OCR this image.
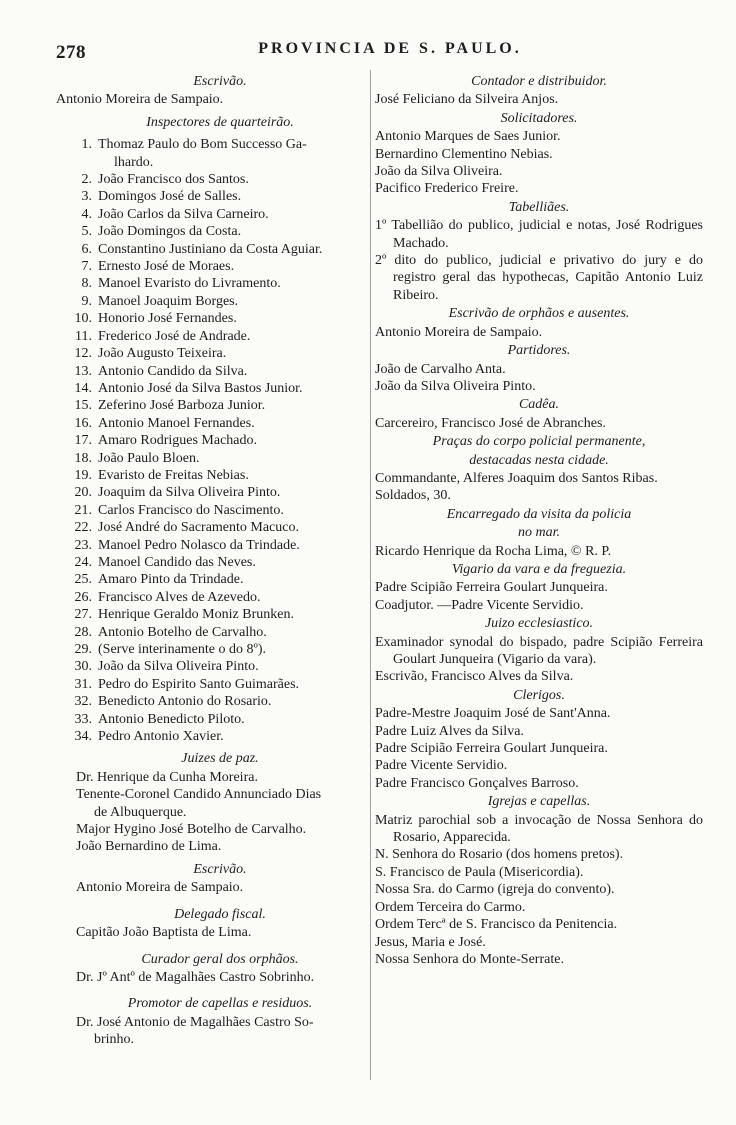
278	PROVINCIA DE S. PAULO.
Escrivão.
Antonio Moreira de Sampaio.
Inspectores de quarteirão.
1. Thomaz Paulo do Bom Successo Ga-
lhardo.
2. João Francisco dos Santos.
3. Domingos José de Salles.
4. João Carlos da Silva Carneiro.
5. João Domingos da Costa.
6. Constantino Justiniano da Costa Aguiar.
7. Ernesto José de Moraes.
8. Manoel Evaristo do Livramento.
9. Manoel Joaquim Borges.
10. Honorio José Fernandes.
11. Frederico José de Andrade.
12. João Augusto Teixeira.
13. Antonio Candido da Silva.
14. Antonio José da Silva Bastos Junior.
15. Zeferino José Barboza Junior.
16. Antonio Manoel Fernandes.
17. Amaro Rodrigues Machado.
18. João Paulo Bloen.
19. Evaristo de Freitas Nebias.
20. Joaquim da Silva Oliveira Pinto.
21. Carlos Francisco do Nascimento.
22. José André do Sacramento Macuco.
23. Manoel Pedro Nolasco da Trindade.
24. Manoel Candido das Neves.
25. Amaro Pinto da Trindade.
26. Francisco Alves de Azevedo.
27. Henrique Geraldo Moniz Brunken.
28. Antonio Botelho de Carvalho.
29. (Serve interinamente o do 8º).
30. João da Silva Oliveira Pinto.
31. Pedro do Espirito Santo Guimarães.
32. Benedicto Antonio do Rosario.
33. Antonio Benedicto Piloto.
34. Pedro Antonio Xavier.
Juizes de paz.
Dr. Henrique da Cunha Moreira.
Tenente-Coronel Candido Annunciado Dias
de Albuquerque.
Major Hygino José Botelho de Carvalho.
João Bernardino de Lima.
Escrivão.
Antonio Moreira de Sampaio.
Delegado fiscal.
Capitão João Baptista de Lima.
Curador geral dos orphãos.
Dr. Jº Antº de Magalhães Castro Sobrinho.
Promotor de capellas e residuos.
Dr. José Antonio de Magalhães Castro So-
brinho.
Contador e distribuidor.
José Feliciano da Silveira Anjos.
Solicitadores.
Antonio Marques de Saes Junior.
Bernardino Clementino Nebias.
João da Silva Oliveira.
Pacifico Frederico Freire.
Tabelliães.
1º Tabellião do publico, judicial e notas, José Rodrigues Machado.
2º dito do publico, judicial e privativo do jury e do registro geral das hypothecas, Capitão Antonio Luiz Ribeiro.
Escrivão de orphãos e ausentes.
Antonio Moreira de Sampaio.
Partidores.
João de Carvalho Anta.
João da Silva Oliveira Pinto.
Cadêa.
Carcereiro, Francisco José de Abranches.
Praças do corpo policial permanente,
destacadas nesta cidade.
Commandante, Alferes Joaquim dos Santos Ribas.
Soldados, 30.
Encarregado da visita da policia
no mar.
Ricardo Henrique da Rocha Lima, © R. P.
Vigario da vara e da freguezia.
Padre Scipião Ferreira Goulart Junqueira.
Coadjutor. —Padre Vicente Servidio.
Juizo ecclesiastico.
Examinador synodal do bispado, padre Scipião Ferreira Goulart Junqueira (Vigario da vara).
Escrivão, Francisco Alves da Silva.
Clerigos.
Padre-Mestre Joaquim José de Sant'Anna.
Padre Luiz Alves da Silva.
Padre Scipião Ferreira Goulart Junqueira.
Padre Vicente Servidio.
Padre Francisco Gonçalves Barroso.
Igrejas e capellas.
Matriz parochial sob a invocação de Nossa Senhora do Rosario, Apparecida.
N. Senhora do Rosario (dos homens pretos).
S. Francisco de Paula (Misericordia).
Nossa Sra. do Carmo (igreja do convento).
Ordem Terceira do Carmo.
Ordem Tercª de S. Francisco da Penitencia.
Jesus, Maria e José.
Nossa Senhora do Monte-Serrate.
